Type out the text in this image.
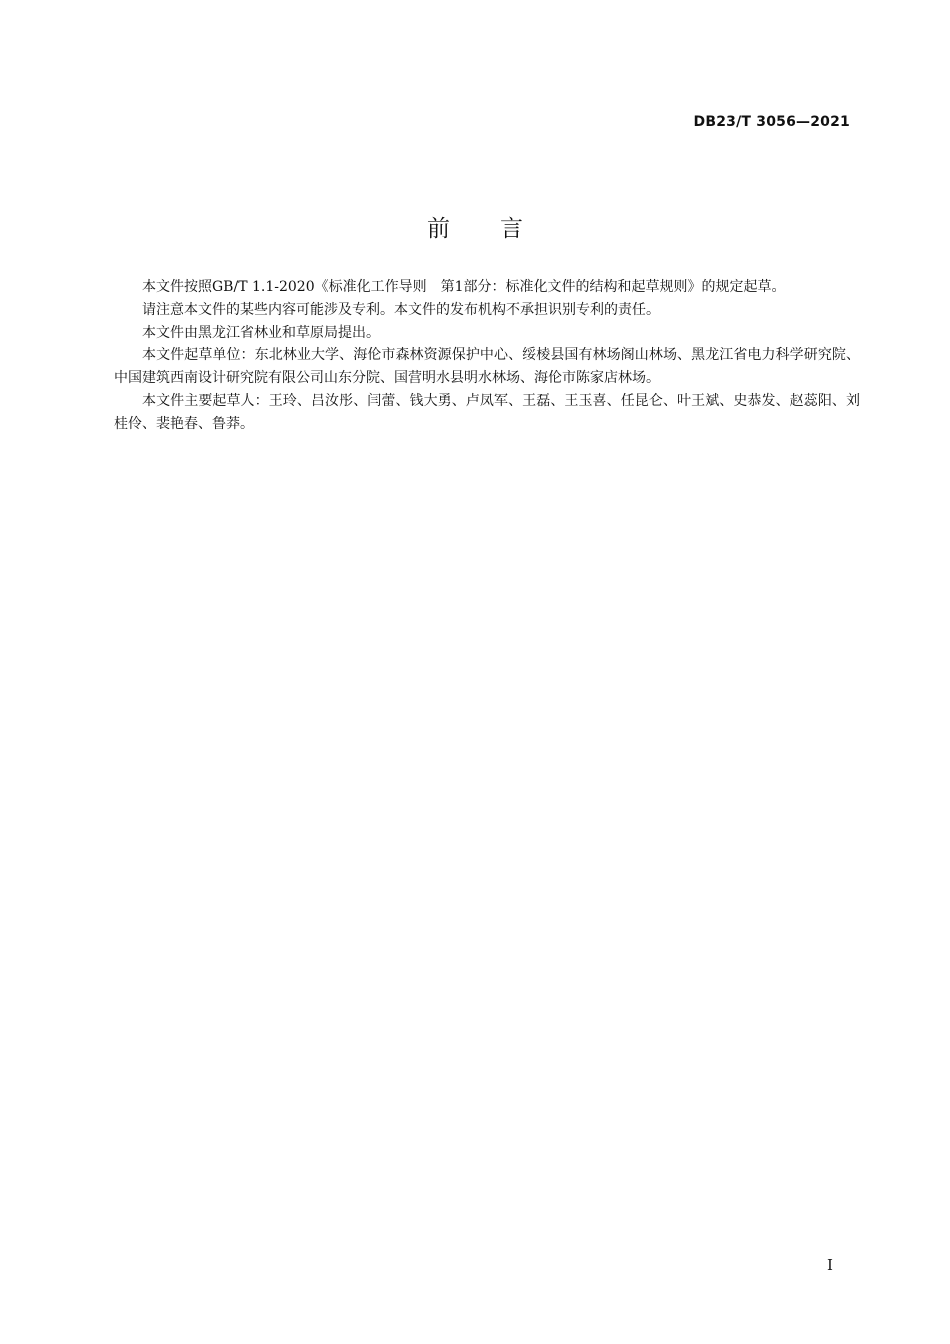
DB23/T 3056—2021
前言

本文件按照GB/T 1.1-2020《标准化工作导则　第1部分：标准化文件的结构和起草规则》的规定起草。

请注意本文件的某些内容可能涉及专利。本文件的发布机构不承担识别专利的责任。

本文件由黑龙江省林业和草原局提出。

本文件起草单位：东北林业大学、海伦市森林资源保护中心、绥棱县国有林场阁山林场、黑龙江省电力科学研究院、中国建筑西南设计研究院有限公司山东分院、国营明水县明水林场、海伦市陈家店林场。

本文件主要起草人：王玲、吕汝彤、闫蕾、钱大勇、卢凤军、王磊、王玉喜、任昆仑、叶王斌、史恭发、赵蕊阳、刘桂伶、裴艳春、鲁莽。

I
